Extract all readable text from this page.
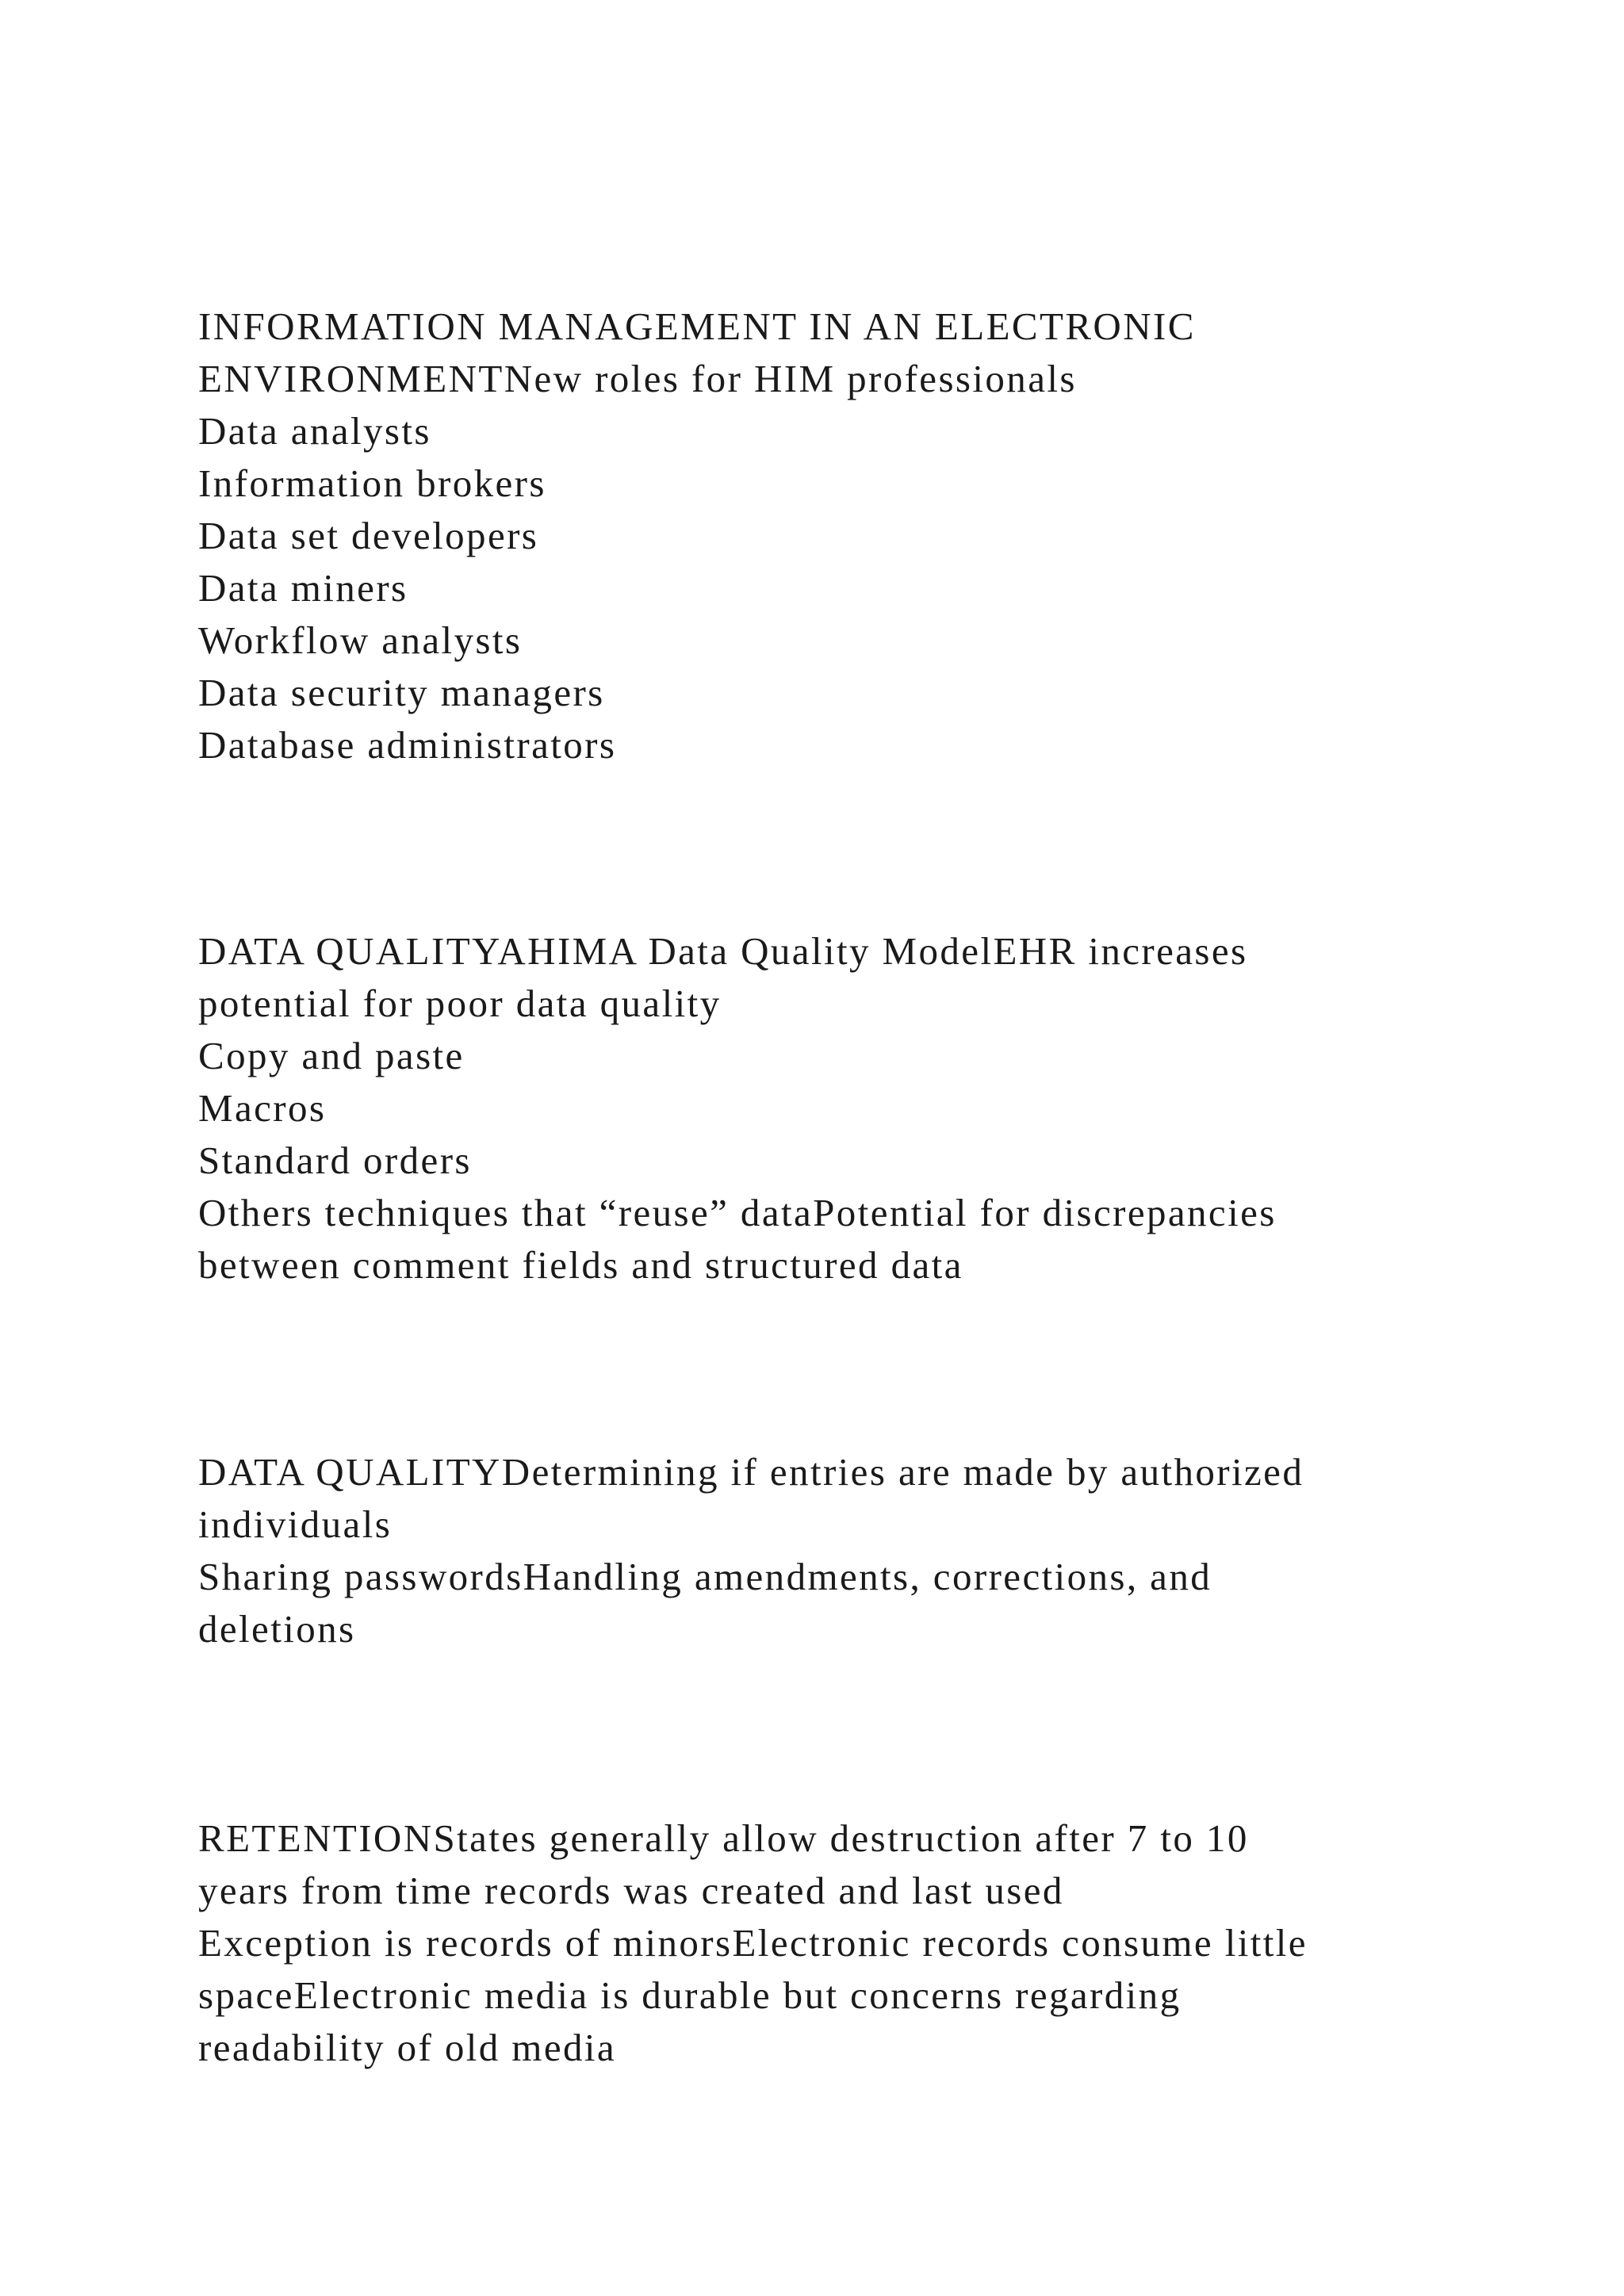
INFORMATION MANAGEMENT IN AN ELECTRONIC
ENVIRONMENTNew roles for HIM professionals
Data analysts
Information brokers
Data set developers
Data miners
Workflow analysts
Data security managers
Database administrators
DATA QUALITYAHIMA Data Quality ModelEHR increases
potential for poor data quality
Copy and paste
Macros
Standard orders
Others techniques that “reuse” dataPotential for discrepancies
between comment fields and structured data
DATA QUALITYDetermining if entries are made by authorized
individuals
Sharing passwordsHandling amendments, corrections, and
deletions
RETENTIONStates generally allow destruction after 7 to 10
years from time records was created and last used
Exception is records of minorsElectronic records consume little
spaceElectronic media is durable but concerns regarding
readability of old media
